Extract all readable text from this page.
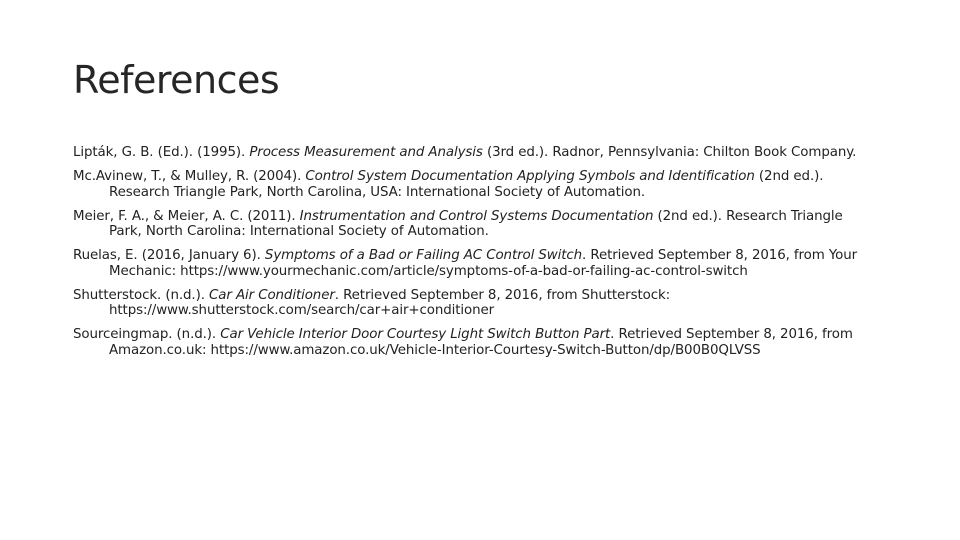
References
Lipták, G. B. (Ed.). (1995). Process Measurement and Analysis (3rd ed.). Radnor, Pennsylvania: Chilton Book Company.
Mc.Avinew, T., & Mulley, R. (2004). Control System Documentation Applying Symbols and Identification (2nd ed.). Research Triangle Park, North Carolina, USA: International Society of Automation.
Meier, F. A., & Meier, A. C. (2011). Instrumentation and Control Systems Documentation (2nd ed.). Research Triangle Park, North Carolina: International Society of Automation.
Ruelas, E. (2016, January 6). Symptoms of a Bad or Failing AC Control Switch. Retrieved September 8, 2016, from Your Mechanic: https://www.yourmechanic.com/article/symptoms-of-a-bad-or-failing-ac-control-switch
Shutterstock. (n.d.). Car Air Conditioner. Retrieved September 8, 2016, from Shutterstock: https://www.shutterstock.com/search/car+air+conditioner
Sourceingmap. (n.d.). Car Vehicle Interior Door Courtesy Light Switch Button Part. Retrieved September 8, 2016, from Amazon.co.uk: https://www.amazon.co.uk/Vehicle-Interior-Courtesy-Switch-Button/dp/B00B0QLVSS
